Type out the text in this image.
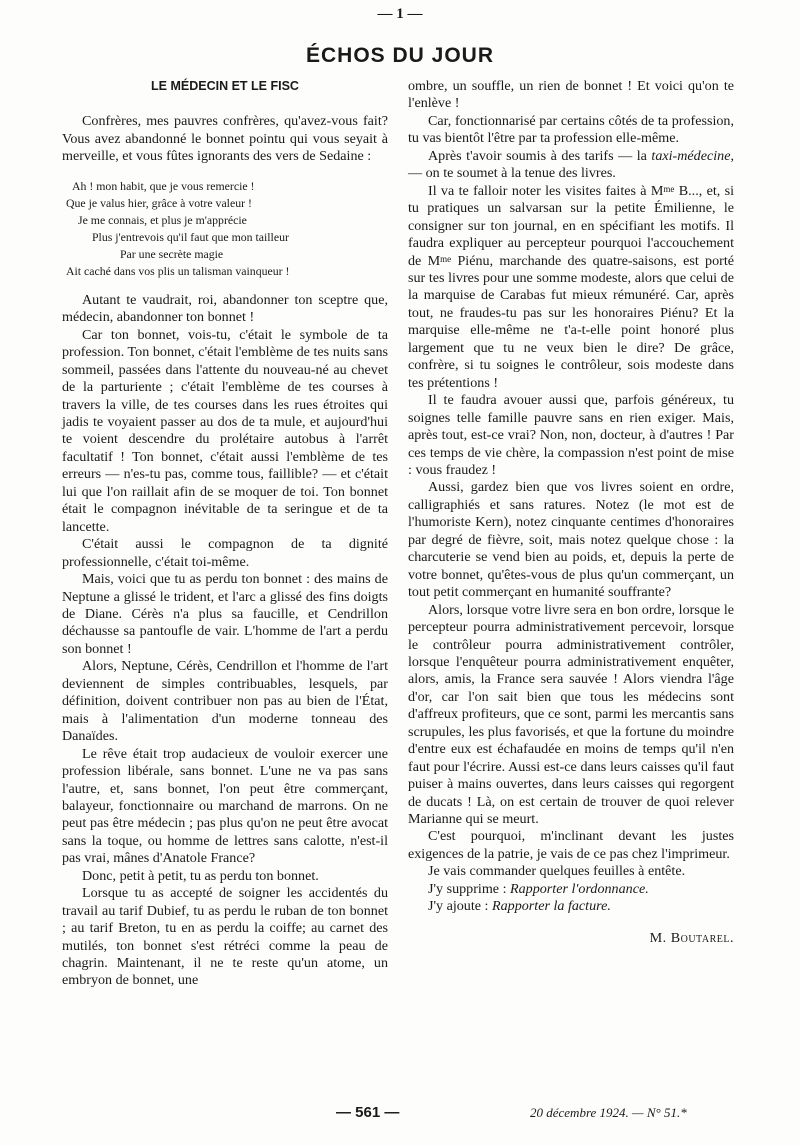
— 1 —
ÉCHOS DU JOUR
LE MÉDECIN ET LE FISC

Confrères, mes pauvres confrères, qu'avez-vous fait? Vous avez abandonné le bonnet pointu qui vous seyait à merveille, et vous fûtes ignorants des vers de Sedaine :

Ah ! mon habit, que je vous remercie !
Que je valus hier, grâce à votre valeur !
Je me connais, et plus je m'apprécie
Plus j'entrevois qu'il faut que mon tailleur
Par une secrète magie
Ait caché dans vos plis un talisman vainqueur !

Autant te vaudrait, roi, abandonner ton sceptre que, médecin, abandonner ton bonnet !

Car ton bonnet, vois-tu, c'était le symbole de ta profession. Ton bonnet, c'était l'emblème de tes nuits sans sommeil, passées dans l'attente du nouveau-né au chevet de la parturiente ; c'était l'emblème de tes courses à travers la ville, de tes courses dans les rues étroites qui jadis te voyaient passer au dos de ta mule, et aujourd'hui te voient descendre du prolétaire autobus à l'arrêt facultatif ! Ton bonnet, c'était aussi l'emblème de tes erreurs — n'es-tu pas, comme tous, faillible? — et c'était lui que l'on raillait afin de se moquer de toi. Ton bonnet était le compagnon inévitable de ta seringue et de ta lancette.

C'était aussi le compagnon de ta dignité professionnelle, c'était toi-même.

Mais, voici que tu as perdu ton bonnet : des mains de Neptune a glissé le trident, et l'arc a glissé des fins doigts de Diane. Cérès n'a plus sa faucille, et Cendrillon déchausse sa pantoufle de vair. L'homme de l'art a perdu son bonnet !

Alors, Neptune, Cérès, Cendrillon et l'homme de l'art deviennent de simples contribuables, lesquels, par définition, doivent contribuer non pas au bien de l'État, mais à l'alimentation d'un moderne tonneau des Danaïdes.

Le rêve était trop audacieux de vouloir exercer une profession libérale, sans bonnet. L'une ne va pas sans l'autre, et, sans bonnet, l'on peut être commerçant, balayeur, fonctionnaire ou marchand de marrons. On ne peut pas être médecin ; pas plus qu'on ne peut être avocat sans la toque, ou homme de lettres sans calotte, n'est-il pas vrai, mânes d'Anatole France?

Donc, petit à petit, tu as perdu ton bonnet.

Lorsque tu as accepté de soigner les accidentés du travail au tarif Dubief, tu as perdu le ruban de ton bonnet ; au tarif Breton, tu en as perdu la coiffe; au carnet des mutilés, ton bonnet s'est rétréci comme la peau de chagrin. Maintenant, il ne te reste qu'un atome, un embryon de bonnet, une

ombre, un souffle, un rien de bonnet ! Et voici qu'on te l'enlève !

Car, fonctionnarisé par certains côtés de ta profession, tu vas bientôt l'être par ta profession elle-même.

Après t'avoir soumis à des tarifs — la taxi-médecine, — on te soumet à la tenue des livres.

Il va te falloir noter les visites faites à $M^{me}$ B..., et, si tu pratiques un salvarsan sur la petite Émilienne, le consigner sur ton journal, en en spécifiant les motifs. Il faudra expliquer au percepteur pourquoi l'accouchement de $M^{me}$ Piénu, marchande des quatre-saisons, est porté sur tes livres pour une somme modeste, alors que celui de la marquise de Carabas fut mieux rémunéré. Car, après tout, ne fraudes-tu pas sur les honoraires Piénu? Et la marquise elle-même ne t'a-t-elle point honoré plus largement que tu ne veux bien le dire? De grâce, confrère, si tu soignes le contrôleur, sois modeste dans tes prétentions !

Il te faudra avouer aussi que, parfois généreux, tu soignes telle famille pauvre sans en rien exiger. Mais, après tout, est-ce vrai? Non, non, docteur, à d'autres ! Par ces temps de vie chère, la compassion n'est point de mise : vous fraudez !

Aussi, gardez bien que vos livres soient en ordre, calligraphiés et sans ratures. Notez (le mot est de l'humoriste Kern), notez cinquante centimes d'honoraires par degré de fièvre, soit, mais notez quelque chose : la charcuterie se vend bien au poids, et, depuis la perte de votre bonnet, qu'êtes-vous de plus qu'un commerçant, un tout petit commerçant en humanité souffrante?

Alors, lorsque votre livre sera en bon ordre, lorsque le percepteur pourra administrativement percevoir, lorsque le contrôleur pourra administrativement contrôler, lorsque l'enquêteur pourra administrativement enquêter, alors, amis, la France sera sauvée ! Alors viendra l'âge d'or, car l'on sait bien que tous les médecins sont d'affreux profiteurs, que ce sont, parmi les mercantis sans scrupules, les plus favorisés, et que la fortune du moindre d'entre eux est échafaudée en moins de temps qu'il n'en faut pour l'écrire. Aussi est-ce dans leurs caisses qu'il faut puiser à mains ouvertes, dans leurs caisses qui regorgent de ducats ! Là, on est certain de trouver de quoi relever Marianne qui se meurt.

C'est pourquoi, m'inclinant devant les justes exigences de la patrie, je vais de ce pas chez l'imprimeur.

Je vais commander quelques feuilles à entête.

J'y supprime : Rapporter l'ordonnance.

J'y ajoute : Rapporter la facture.

M. Boutarel.
— 561 —	20 décembre 1924. — N° 51.*
